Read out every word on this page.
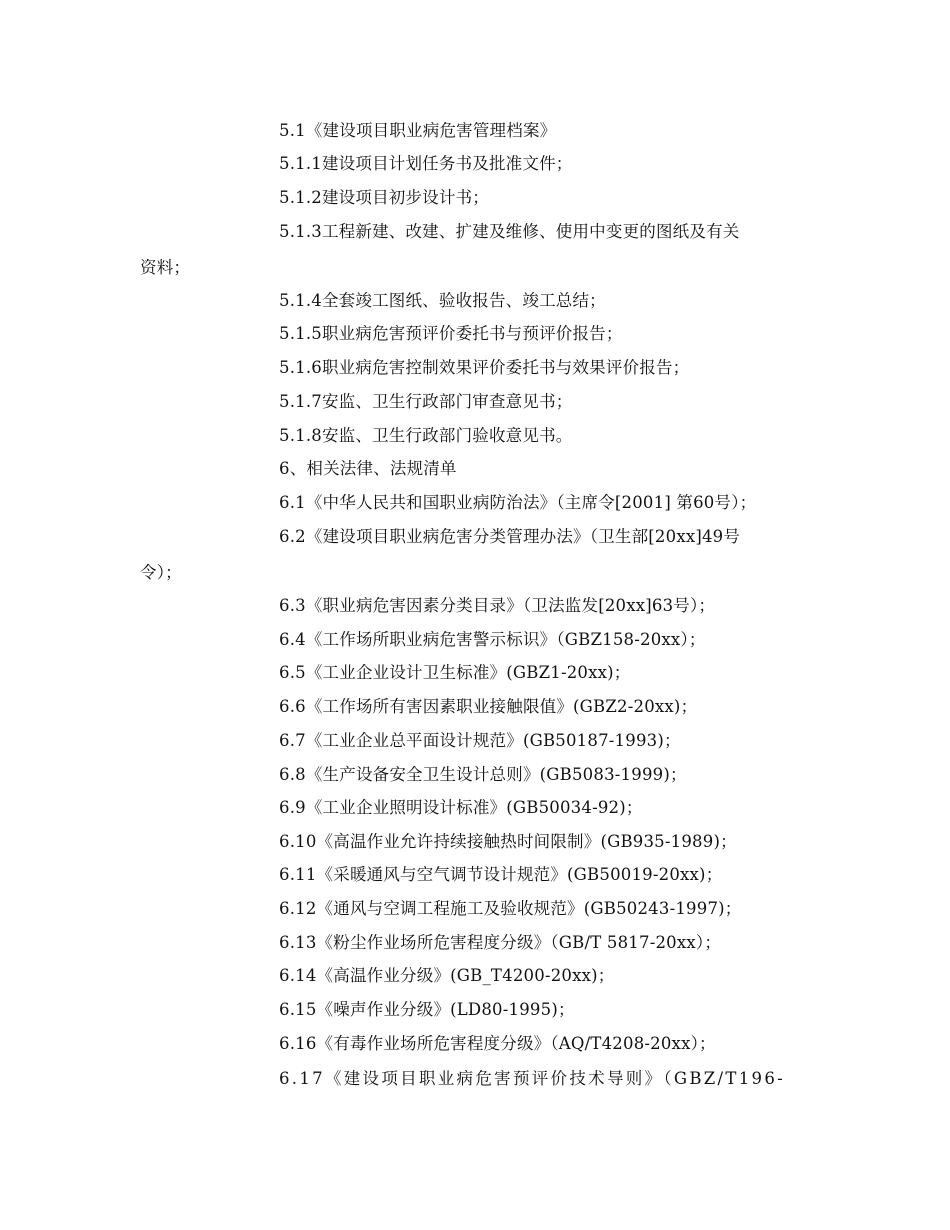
5.1《建设项目职业病危害管理档案》
5.1.1建设项目计划任务书及批准文件；
5.1.2建设项目初步设计书；
5.1.3工程新建、改建、扩建及维修、使用中变更的图纸及有关
资料；
5.1.4全套竣工图纸、验收报告、竣工总结；
5.1.5职业病危害预评价委托书与预评价报告；
5.1.6职业病危害控制效果评价委托书与效果评价报告；
5.1.7安监、卫生行政部门审查意见书；
5.1.8安监、卫生行政部门验收意见书。
6、相关法律、法规清单
6.1《中华人民共和国职业病防治法》（主席令[2001] 第60号）；
6.2《建设项目职业病危害分类管理办法》（卫生部[20xx]49号
令）；
6.3《职业病危害因素分类目录》（卫法监发[20xx]63号）；
6.4《工作场所职业病危害警示标识》（GBZ158-20xx）；
6.5《工业企业设计卫生标准》(GBZ1-20xx)；
6.6《工作场所有害因素职业接触限值》(GBZ2-20xx)；
6.7《工业企业总平面设计规范》(GB50187-1993)；
6.8《生产设备安全卫生设计总则》(GB5083-1999)；
6.9《工业企业照明设计标准》(GB50034-92)；
6.10《高温作业允许持续接触热时间限制》(GB935-1989)；
6.11《采暖通风与空气调节设计规范》(GB50019-20xx)；
6.12《通风与空调工程施工及验收规范》(GB50243-1997)；
6.13《粉尘作业场所危害程度分级》（GB/T 5817-20xx）；
6.14《高温作业分级》(GB_T4200-20xx)；
6.15《噪声作业分级》(LD80-1995)；
6.16《有毒作业场所危害程度分级》（AQ/T4208-20xx）；
6.17《建设项目职业病危害预评价技术导则》（GBZ/T196-
